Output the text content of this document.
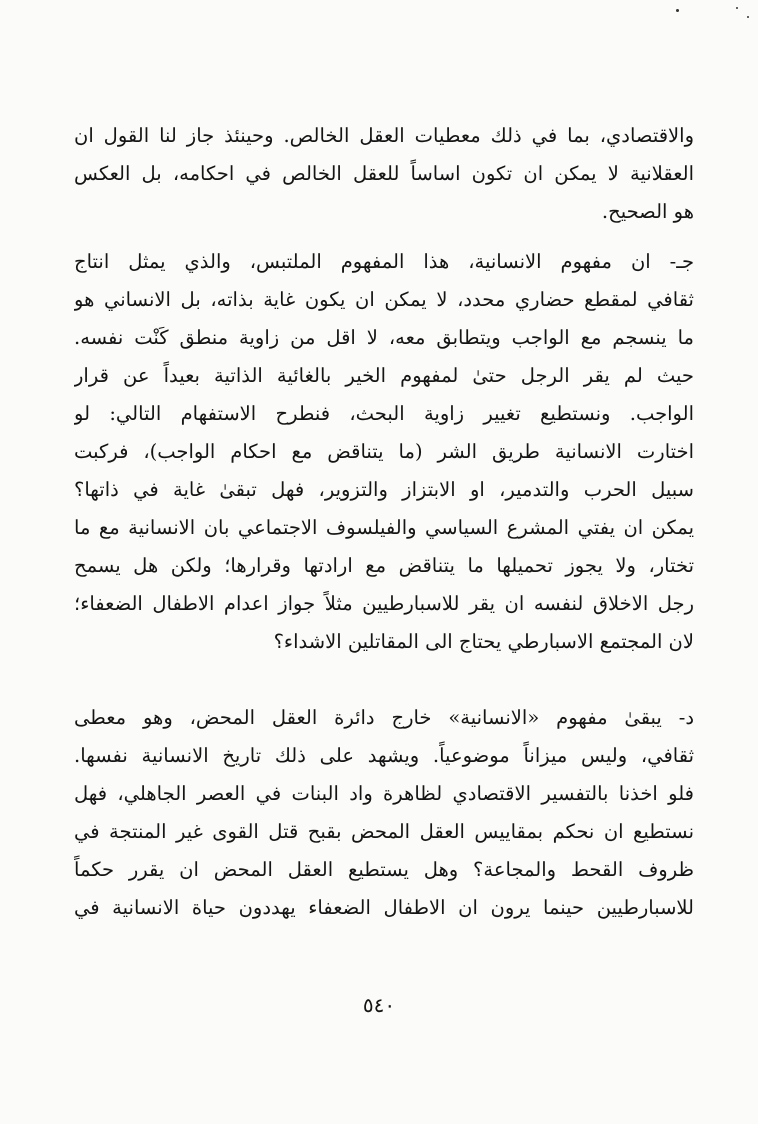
والاقتصادي، بما في ذلك معطيات العقل الخالص. وحينئذ جاز لنا القول ان
العقلانية لا يمكن ان تكون اساساً للعقل الخالص في احكامه، بل العكس
هو الصحيح.
جـ- ان مفهوم الانسانية، هذا المفهوم الملتبس، والذي يمثل انتاج
ثقافي لمقطع حضاري محدد، لا يمكن ان يكون غاية بذاته، بل الانساني هو
ما ينسجم مع الواجب ويتطابق معه، لا اقل من زاوية منطق كَنْت نفسه.
حيث لم يقر الرجل حتىٰ لمفهوم الخير بالغائية الذاتية بعيداً عن قرار
الواجب. ونستطيع تغيير زاوية البحث، فنطرح الاستفهام التالي: لو
اختارت الانسانية طريق الشر (ما يتناقض مع احكام الواجب)، فركبت
سبيل الحرب والتدمير، او الابتزاز والتزوير، فهل تبقىٰ غاية في ذاتها؟
يمكن ان يفتي المشرع السياسي والفيلسوف الاجتماعي بان الانسانية مع ما
تختار، ولا يجوز تحميلها ما يتناقض مع ارادتها وقرارها؛ ولكن هل يسمح
رجل الاخلاق لنفسه ان يقر للاسبارطيين مثلاً جواز اعدام الاطفال الضعفاء؛
لان المجتمع الاسبارطي يحتاج الى المقاتلين الاشداء؟
د- يبقىٰ مفهوم «الانسانية» خارج دائرة العقل المحض، وهو معطى
ثقافي، وليس ميزاناً موضوعياً. ويشهد على ذلك تاريخ الانسانية نفسها.
فلو اخذنا بالتفسير الاقتصادي لظاهرة واد البنات في العصر الجاهلي، فهل
نستطيع ان نحكم بمقاييس العقل المحض بقبح قتل القوى غير المنتجة في
ظروف القحط والمجاعة؟ وهل يستطيع العقل المحض ان يقرر حكماً
للاسبارطيين حينما يرون ان الاطفال الضعفاء يهددون حياة الانسانية في
٥٤٠
